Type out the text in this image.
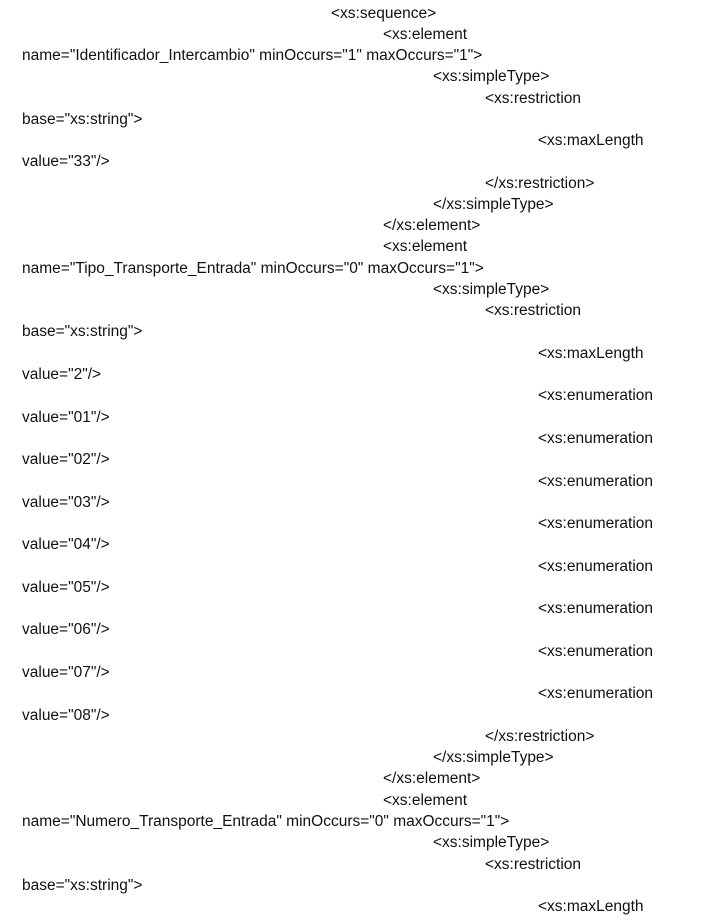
<xs:sequence>
<xs:element
name="Identificador_Intercambio" minOccurs="1" maxOccurs="1">
<xs:simpleType>
<xs:restriction
base="xs:string">
<xs:maxLength
value="33"/>
</xs:restriction>
</xs:simpleType>
</xs:element>
<xs:element
name="Tipo_Transporte_Entrada" minOccurs="0" maxOccurs="1">
<xs:simpleType>
<xs:restriction
base="xs:string">
<xs:maxLength
value="2"/>
<xs:enumeration
value="01"/>
<xs:enumeration
value="02"/>
<xs:enumeration
value="03"/>
<xs:enumeration
value="04"/>
<xs:enumeration
value="05"/>
<xs:enumeration
value="06"/>
<xs:enumeration
value="07"/>
<xs:enumeration
value="08"/>
</xs:restriction>
</xs:simpleType>
</xs:element>
<xs:element
name="Numero_Transporte_Entrada" minOccurs="0" maxOccurs="1">
<xs:simpleType>
<xs:restriction
base="xs:string">
<xs:maxLength
